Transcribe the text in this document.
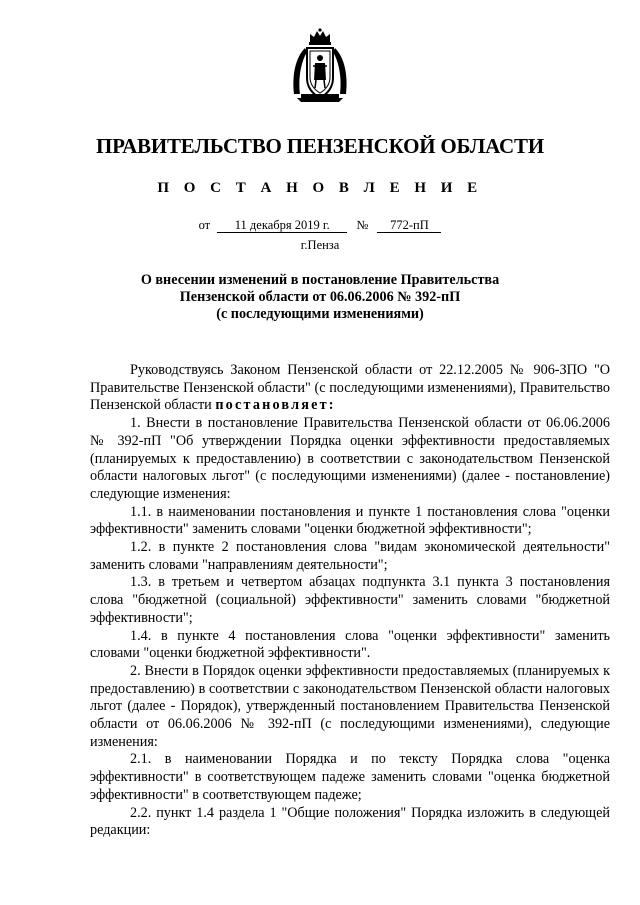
ПРАВИТЕЛЬСТВО ПЕНЗЕНСКОЙ ОБЛАСТИ
П О С Т А Н О В Л Е Н И Е
от 11 декабря 2019 г. № 772-пП
г.Пенза
О внесении изменений в постановление Правительства
Пензенской области от 06.06.2006 № 392-пП
(с последующими изменениями)

Руководствуясь Законом Пензенской области от 22.12.2005 № 906-ЗПО "О Правительстве Пензенской области" (с последующими изменениями), Правительство Пензенской области постановляет:

1. Внести в постановление Правительства Пензенской области от 06.06.2006 № 392-пП "Об утверждении Порядка оценки эффективности предоставляемых (планируемых к предоставлению) в соответствии с законодательством Пензенской области налоговых льгот" (с последующими изменениями) (далее - постановление) следующие изменения:

1.1. в наименовании постановления и пункте 1 постановления слова "оценки эффективности" заменить словами "оценки бюджетной эффективности";

1.2. в пункте 2 постановления слова "видам экономической деятельности" заменить словами "направлениям деятельности";

1.3. в третьем и четвертом абзацах подпункта 3.1 пункта 3 постановления слова "бюджетной (социальной) эффективности" заменить словами "бюджетной эффективности";

1.4. в пункте 4 постановления слова "оценки эффективности" заменить словами "оценки бюджетной эффективности".

2. Внести в Порядок оценки эффективности предоставляемых (планируемых к предоставлению) в соответствии с законодательством Пензенской области налоговых льгот (далее - Порядок), утвержденный постановлением Правительства Пензенской области от 06.06.2006 № 392-пП (с последующими изменениями), следующие изменения:

2.1. в наименовании Порядка и по тексту Порядка слова "оценка эффективности" в соответствующем падеже заменить словами "оценка бюджетной эффективности" в соответствующем падеже;

2.2. пункт 1.4 раздела 1 "Общие положения" Порядка изложить в следующей редакции:
